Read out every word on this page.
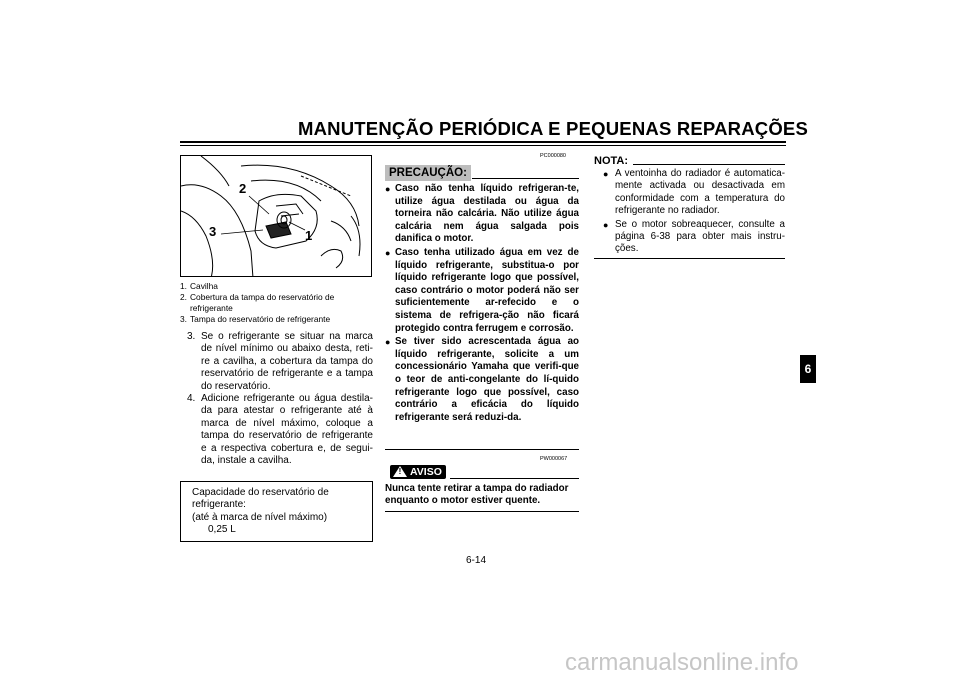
MANUTENÇÃO PERIÓDICA E PEQUENAS REPARAÇÕES
2
3	1
1. Cavilha
2. Cobertura da tampa do reservatório de refrigerante
3. Tampa do reservatório de refrigerante
3. Se o refrigerante se situar na marca de nível mínimo ou abaixo desta, reti-re a cavilha, a cobertura da tampa do reservatório de refrigerante e a tampa do reservatório.
4. Adicione refrigerante ou água destila-da para atestar o refrigerante até à marca de nível máximo, coloque a tampa do reservatório de refrigerante e a respectiva cobertura e, de segui-da, instale a cavilha.
Capacidade do reservatório de
refrigerante:
(até à marca de nível máximo)
0,25 L
PC000080
PRECAUÇÃO:
● Caso não tenha líquido refrigeran-te, utilize água destilada ou água da torneira não calcária. Não utilize água calcária nem água salgada pois danifica o motor.
● Caso tenha utilizado água em vez de líquido refrigerante, substitua-o por líquido refrigerante logo que possível, caso contrário o motor poderá não ser suficientemente ar-refecido e o sistema de refrigera-ção não ficará protegido contra ferrugem e corrosão.
● Se tiver sido acrescentada água ao líquido refrigerante, solicite a um concessionário Yamaha que verifi-que o teor de anti-congelante do lí-quido refrigerante logo que possível, caso contrário a eficácia do líquido refrigerante será reduzi-da.
PW000067
AVISO
!
Nunca tente retirar a tampa do radiador enquanto o motor estiver quente.
NOTA:
● A ventoinha do radiador é automatica-mente activada ou desactivada em conformidade com a temperatura do refrigerante no radiador.
● Se o motor sobreaquecer, consulte a página 6-38 para obter mais instru-ções.
6
6-14
carmanualsonline.info
